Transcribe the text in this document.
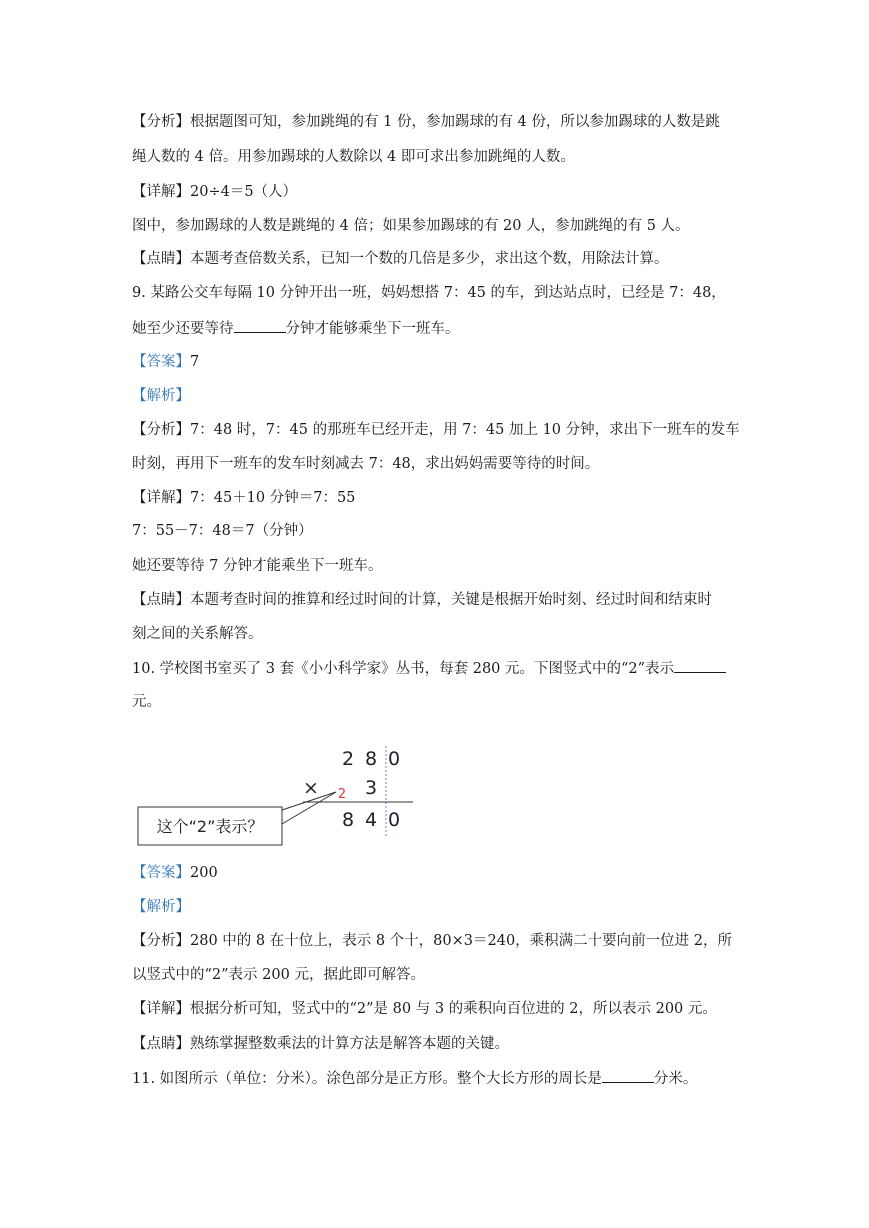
【分析】根据题图可知，参加跳绳的有 1 份，参加踢球的有 4 份，所以参加踢球的人数是跳
绳人数的 4 倍。用参加踢球的人数除以 4 即可求出参加跳绳的人数。
【详解】20÷4＝5（人）
图中，参加踢球的人数是跳绳的 4 倍；如果参加踢球的有 20 人，参加跳绳的有 5 人。
【点睛】本题考查倍数关系，已知一个数的几倍是多少，求出这个数，用除法计算。
9. 某路公交车每隔 10 分钟开出一班，妈妈想搭 7：45 的车，到达站点时，已经是 7：48，
她至少还要等待	分钟才能够乘坐下一班车。
【答案】7
【解析】
【分析】7：48 时，7：45 的那班车已经开走，用 7：45 加上 10 分钟，求出下一班车的发车
时刻，再用下一班车的发车时刻减去 7：48，求出妈妈需要等待的时间。
【详解】7：45＋10 分钟＝7：55
7：55－7：48＝7（分钟）
她还要等待 7 分钟才能乘坐下一班车。
【点睛】本题考查时间的推算和经过时间的计算，关键是根据开始时刻、经过时间和结束时
刻之间的关系解答。
10. 学校图书室买了 3 套《小小科学家》丛书，每套 280 元。下图竖式中的“2”表示
元。
2 8 0
× 3
8 4 0
2
这个“2”表示？
【答案】200
【解析】
【分析】280 中的 8 在十位上，表示 8 个十，80×3＝240，乘积满二十要向前一位进 2，所
以竖式中的“2”表示 200 元，据此即可解答。
【详解】根据分析可知，竖式中的“2”是 80 与 3 的乘积向百位进的 2，所以表示 200 元。
【点睛】熟练掌握整数乘法的计算方法是解答本题的关键。
11. 如图所示（单位：分米）。涂色部分是正方形。整个大长方形的周长是	分米。
